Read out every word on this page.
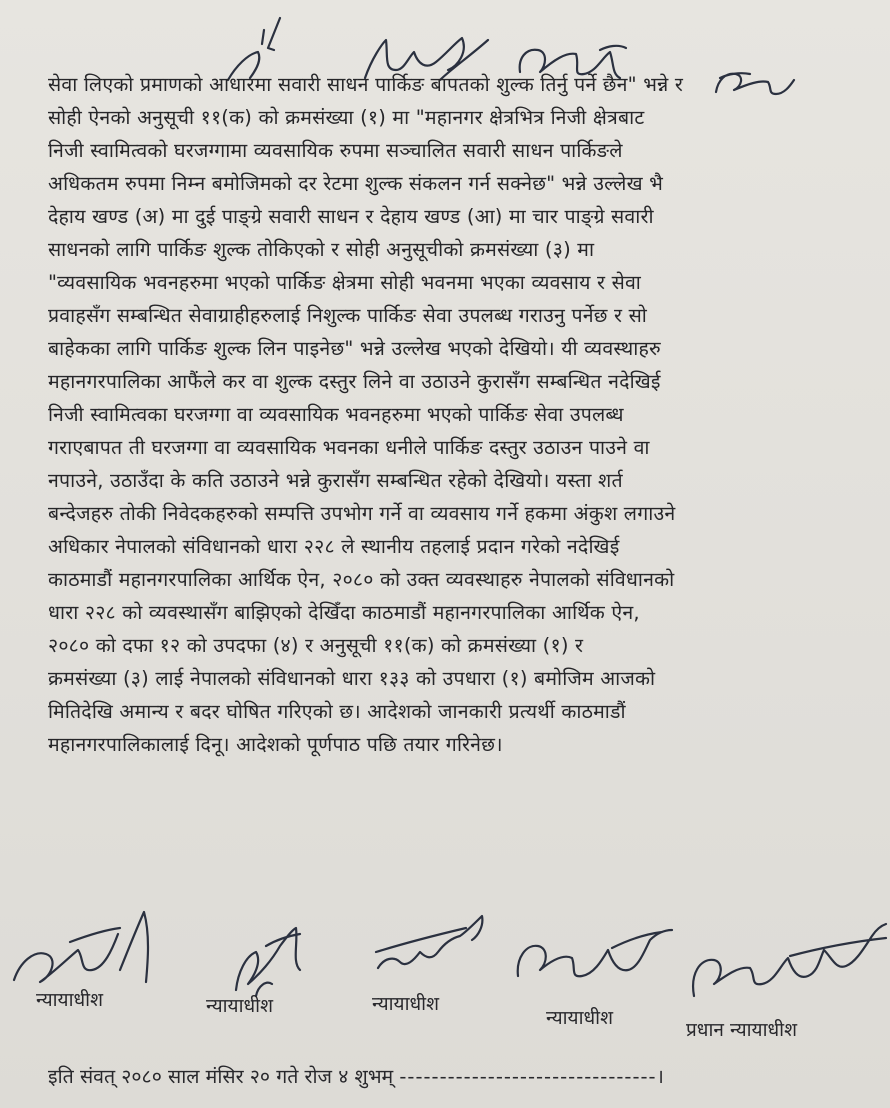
सेवा लिएको प्रमाणको आधारमा सवारी साधन पार्किङ बापतको शुल्क तिर्नु पर्ने छैन" भन्ने र
सोही ऐनको अनुसूची ११(क) को क्रमसंख्या (१) मा "महानगर क्षेत्रभित्र निजी क्षेत्रबाट
निजी स्वामित्वको घरजग्गामा व्यवसायिक रुपमा सञ्चालित सवारी साधन पार्किङले
अधिकतम रुपमा निम्न बमोजिमको दर रेटमा शुल्क संकलन गर्न सक्नेछ" भन्ने उल्लेख भै
देहाय खण्ड (अ) मा दुई पाङ्ग्रे सवारी साधन र देहाय खण्ड (आ) मा चार पाङ्ग्रे सवारी
साधनको लागि पार्किङ शुल्क तोकिएको र सोही अनुसूचीको क्रमसंख्या (३) मा
"व्यवसायिक भवनहरुमा भएको पार्किङ क्षेत्रमा सोही भवनमा भएका व्यवसाय र सेवा
प्रवाहसँग सम्बन्धित सेवाग्राहीहरुलाई निशुल्क पार्किङ सेवा उपलब्ध गराउनु पर्नेछ र सो
बाहेकका लागि पार्किङ शुल्क लिन पाइनेछ" भन्ने उल्लेख भएको देखियो। यी व्यवस्थाहरु
महानगरपालिका आफैंले कर वा शुल्क दस्तुर लिने वा उठाउने कुरासँग सम्बन्धित नदेखिई
निजी स्वामित्वका घरजग्गा वा व्यवसायिक भवनहरुमा भएको पार्किङ सेवा उपलब्ध
गराएबापत ती घरजग्गा वा व्यवसायिक भवनका धनीले पार्किङ दस्तुर उठाउन पाउने वा
नपाउने, उठाउँदा के कति उठाउने भन्ने कुरासँग सम्बन्धित रहेको देखियो। यस्ता शर्त
बन्देजहरु तोकी निवेदकहरुको सम्पत्ति उपभोग गर्ने वा व्यवसाय गर्ने हकमा अंकुश लगाउने
अधिकार नेपालको संविधानको धारा २२८ ले स्थानीय तहलाई प्रदान गरेको नदेखिई
काठमाडौं महानगरपालिका आर्थिक ऐन, २०८० को उक्त व्यवस्थाहरु नेपालको संविधानको
धारा २२८ को व्यवस्थासँग बाझिएको देखिँदा काठमाडौं महानगरपालिका आर्थिक ऐन,
२०८० को दफा १२ को उपदफा (४) र अनुसूची ११(क) को क्रमसंख्या (१) र
क्रमसंख्या (३) लाई नेपालको संविधानको धारा १३३ को उपधारा (१) बमोजिम आजको
मितिदेखि अमान्य र बदर घोषित गरिएको छ। आदेशको जानकारी प्रत्यर्थी काठमाडौं
महानगरपालिकालाई दिनू। आदेशको पूर्णपाठ पछि तयार गरिनेछ।
न्यायाधीश	न्यायाधीश	न्यायाधीश
न्यायाधीश
प्रधान न्यायाधीश
इति संवत् २०८० साल मंसिर २० गते रोज ४ शुभम् --------------------------------।
